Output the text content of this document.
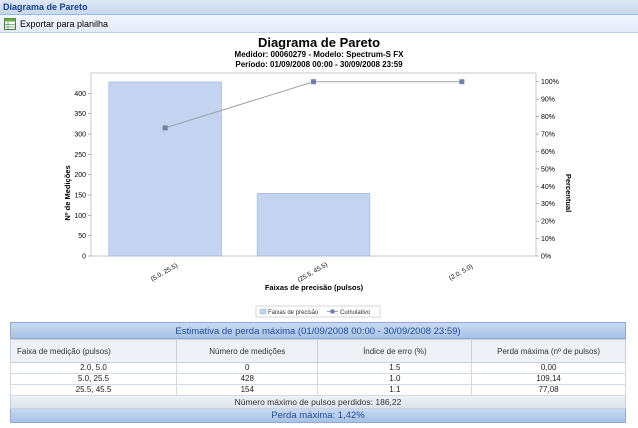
Diagrama de Pareto
Exportar para planilha
Diagrama de Pareto
Medidor: 00060279 - Modelo: Spectrum-S FX
Período: 01/09/2008 00:00 - 30/09/2008 23:59
0
50
100
150
200
250
300
350
400
0%
10%
20%
30%
40%
50%
60%
70%
80%
90%
100%
(5.0, 25.5)	(25.5, 45.5)	(2.0, 5.0)
Nº de Medições	Percentual
Faixas de precisão (pulsos)
Faixas de precisão	Cumulativo
Estimativa de perda máxima (01/09/2008 00:00 - 30/09/2008 23:59)
Faixa de medição (pulsos)	Número de medições	Índice de erro (%)	Perda máxima (nº de pulsos)
2.0, 5.0	0	1.5	0,00
5.0, 25.5	428	1.0	109,14
25.5, 45.5	154	1.1	77,08
Número máximo de pulsos perdidos: 186,22
Perda máxima: 1,42%
